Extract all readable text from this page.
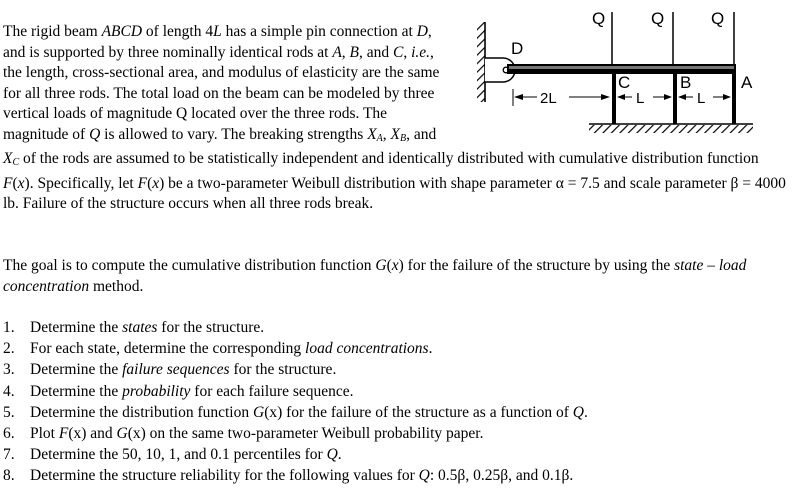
Q	Q	Q
D
C	B	A
2L	L	L
The rigid beam ABCD of length 4L has a simple pin connection at D, and is supported by three nominally identical rods at A, B, and C, i.e., the length, cross-sectional area, and modulus of elasticity are the same for all three rods. The total load on the beam can be modeled by three vertical loads of magnitude Q located over the three rods. The magnitude of Q is allowed to vary. The breaking strengths $X_A$, $X_B$, and $X_C$ of the rods are assumed to be statistically independent and identically distributed with cumulative distribution function F(x). Specifically, let F(x) be a two-parameter Weibull distribution with shape parameter α = 7.5 and scale parameter β = 4000 lb. Failure of the structure occurs when all three rods break.

The goal is to compute the cumulative distribution function G(x) for the failure of the structure by using the state – load concentration method.

1. Determine the states for the structure.
2. For each state, determine the corresponding load concentrations.
3. Determine the failure sequences for the structure.
4. Determine the probability for each failure sequence.
5. Determine the distribution function G(x) for the failure of the structure as a function of Q.
6. Plot F(x) and G(x) on the same two-parameter Weibull probability paper.
7. Determine the 50, 10, 1, and 0.1 percentiles for Q.
8. Determine the structure reliability for the following values for Q: 0.5β, 0.25β, and 0.1β.
